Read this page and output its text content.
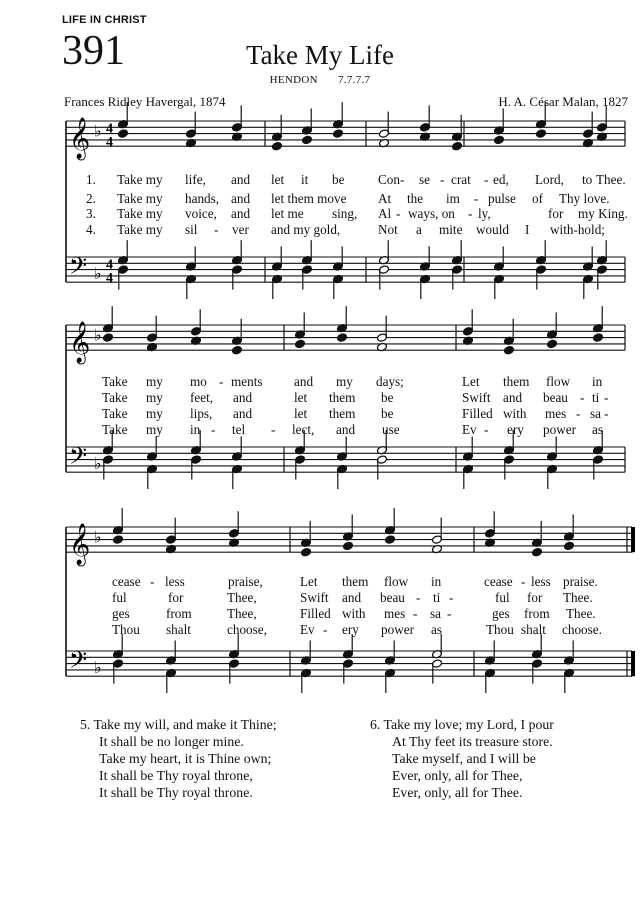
LIFE IN CHRIST
391	Take My Life
HENDON 7.7.7.7
Frances Ridley Havergal, 1874	H. A. César Malan, 1827
𝄞
𝄢
♭
♭
4
4
4
4
𝄞
𝄢
♭
♭
𝄞
𝄢
♭
♭
1. Take my life, and let it be	Con- se - crat - ed, Lord, to Thee.
2. Take my hands, and let them move At the im - pulse of Thy love.
3. Take my voice, and let me sing, Al - ways, on - ly,	for my King.
4. Take my sil - ver and my gold,	Not a mite would I with-hold;
Take my mo - ments and my days;	Let them flow in
Take my feet, and	let them be	Swift and beau - ti -
Take my lips, and	let them be	Filled with mes - sa -
Take my in - tel - lect, and use	Ev - ery power as
cease - less	praise,	Let them flow in	cease - less praise.
ful	for	Thee,	Swift and beau - ti -	ful for Thee.
ges	from	Thee,	Filled with mes - sa -	ges from Thee.
Thou shalt	choose,	Ev - ery power as	Thou shalt choose.
5. Take my will, and make it Thine;
It shall be no longer mine.
Take my heart, it is Thine own;
It shall be Thy royal throne,
It shall be Thy royal throne.
6. Take my love; my Lord, I pour
At Thy feet its treasure store.
Take myself, and I will be
Ever, only, all for Thee,
Ever, only, all for Thee.
